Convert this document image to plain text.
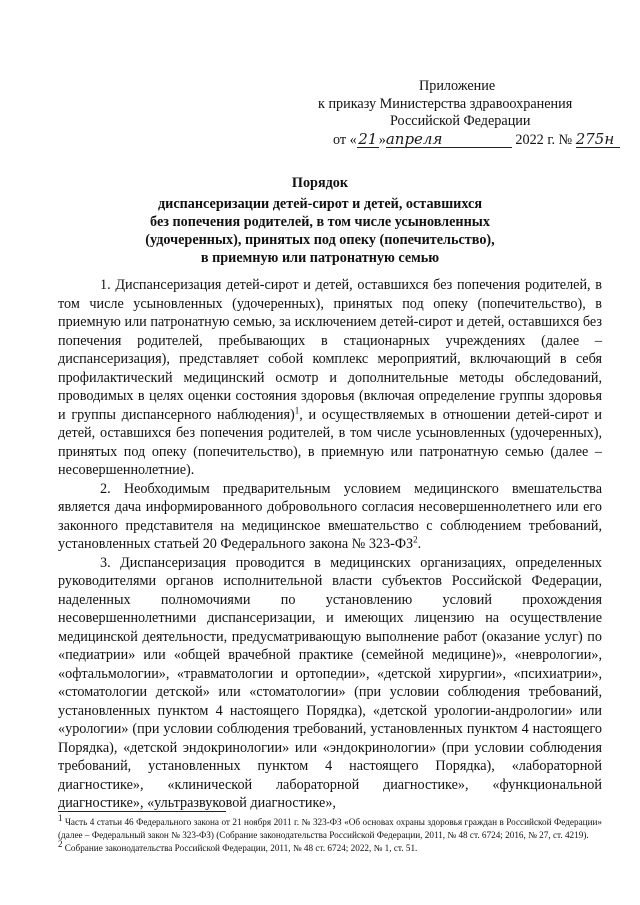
Приложение
к приказу Министерства здравоохранения
Российской Федерации
от «21»апреля	2022 г. № 275н
Порядок
диспансеризации детей-сирот и детей, оставшихся
без попечения родителей, в том числе усыновленных
(удочеренных), принятых под опеку (попечительство),
в приемную или патронатную семью

1. Диспансеризация детей-сирот и детей, оставшихся без попечения родителей, в том числе усыновленных (удочеренных), принятых под опеку (попечительство), в приемную или патронатную семью, за исключением детей-сирот и детей, оставшихся без попечения родителей, пребывающих в стационарных учреждениях (далее – диспансеризация), представляет собой комплекс мероприятий, включающий в себя профилактический медицинский осмотр и дополнительные методы обследований, проводимых в целях оценки состояния здоровья (включая определение группы здоровья и группы диспансерного наблюдения)$^1$, и осуществляемых в отношении детей-сирот и детей, оставшихся без попечения родителей, в том числе усыновленных (удочеренных), принятых под опеку (попечительство), в приемную или патронатную семью (далее – несовершеннолетние).

2. Необходимым предварительным условием медицинского вмешательства является дача информированного добровольного согласия несовершеннолетнего или его законного представителя на медицинское вмешательство с соблюдением требований, установленных статьей 20 Федерального закона № $323-ФЗ^2$.

3. Диспансеризация проводится в медицинских организациях, определенных руководителями органов исполнительной власти субъектов Российской Федерации, наделенных полномочиями по установлению условий прохождения несовершеннолетними диспансеризации, и имеющих лицензию на осуществление медицинской деятельности, предусматривающую выполнение работ (оказание услуг) по «педиатрии» или «общей врачебной практике (семейной медицине)», «неврологии», «офтальмологии», «травматологии и ортопедии», «детской хирургии», «психиатрии», «стоматологии детской» или «стоматологии» (при условии соблюдения требований, установленных пунктом 4 настоящего Порядка), «детской урологии-андрологии» или «урологии» (при условии соблюдения требований, установленных пунктом 4 настоящего Порядка), «детской эндокринологии» или «эндокринологии» (при условии соблюдения требований, установленных пунктом 4 настоящего Порядка), «лабораторной диагностике», «клинической лабораторной диагностике», «функциональной диагностике», «ультразвуковой диагностике»,

$^1$ Часть 4 статьи 46 Федерального закона от 21 ноября 2011 г. № 323-ФЗ «Об основах охраны здоровья граждан в Российской Федерации» (далее – Федеральный закон № 323-ФЗ) (Собрание законодательства Российской Федерации, 2011, № 48 ст. 6724; 2016, № 27, ст. 4219).

$^2$ Собрание законодательства Российской Федерации, 2011, № 48 ст. 6724; 2022, № 1, ст. 51.
